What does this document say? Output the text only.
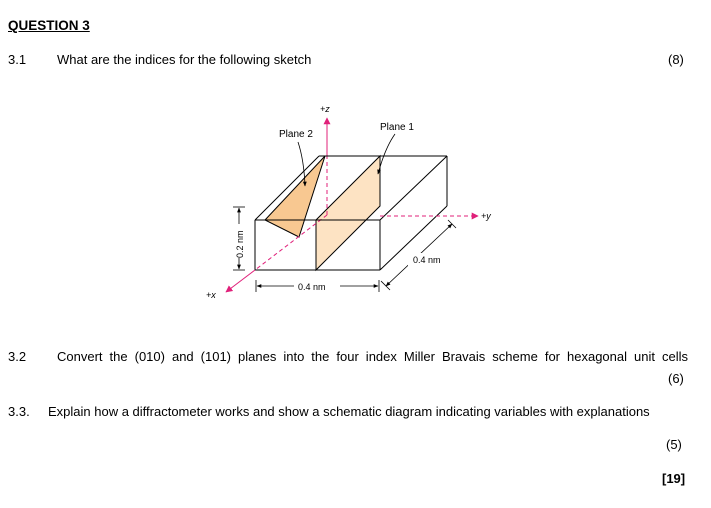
QUESTION 3
3.1 What are the indices for the following sketch	(8)
+y
+z
+x
Plane 2
Plane 1
0.2 nm
0.4 nm
0.4 nm
3.2 Convert the (010) and (101) planes into the four index Miller Bravais scheme for hexagonal unit cells
(6)
3.3. Explain how a diffractometer works and show a schematic diagram indicating variables with explanations
(5)
[19]
